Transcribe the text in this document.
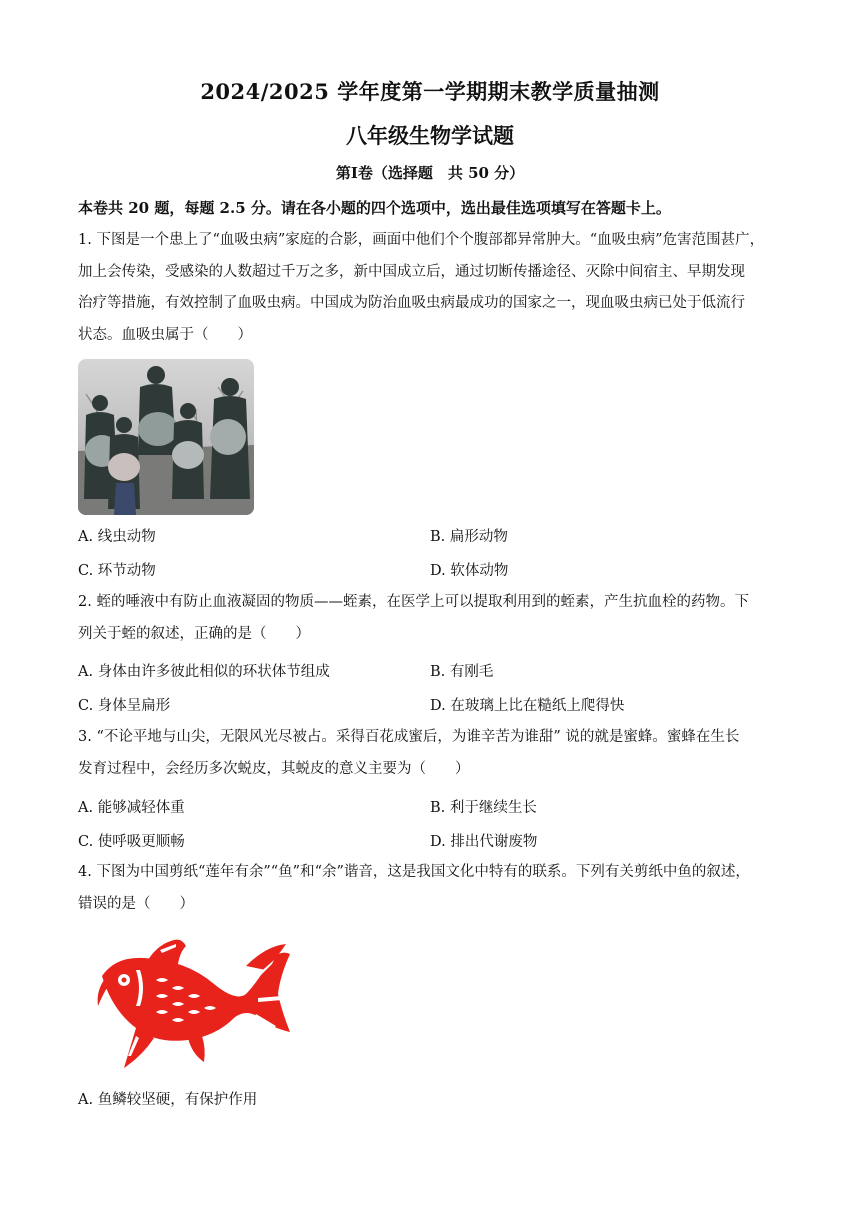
2024/2025 学年度第一学期期末教学质量抽测
八年级生物学试题
第Ⅰ卷（选择题　共 50 分）
本卷共 20 题，每题 2.5 分。请在各小题的四个选项中，选出最佳选项填写在答题卡上。
1. 下图是一个患上了“血吸虫病”家庭的合影，画面中他们个个腹部都异常肿大。“血吸虫病”危害范围甚广，
加上会传染，受感染的人数超过千万之多，新中国成立后，通过切断传播途径、灭除中间宿主、早期发现
治疗等措施，有效控制了血吸虫病。中国成为防治血吸虫病最成功的国家之一，现血吸虫病已处于低流行
状态。血吸虫属于（　　）
A. 线虫动物	B. 扁形动物
C. 环节动物	D. 软体动物
2. 蛭的唾液中有防止血液凝固的物质——蛭素，在医学上可以提取利用到的蛭素，产生抗血栓的药物。下
列关于蛭的叙述，正确的是（　　）
A. 身体由许多彼此相似的环状体节组成	B. 有刚毛
C. 身体呈扁形	D. 在玻璃上比在糙纸上爬得快
3. “不论平地与山尖，无限风光尽被占。采得百花成蜜后，为谁辛苦为谁甜” 说的就是蜜蜂。蜜蜂在生长
发育过程中，会经历多次蜕皮，其蜕皮的意义主要为（　　）
A. 能够减轻体重	B. 利于继续生长
C. 使呼吸更顺畅	D. 排出代谢废物
4. 下图为中国剪纸“莲年有余”“鱼”和“余”谐音，这是我国文化中特有的联系。下列有关剪纸中鱼的叙述，
错误的是（　　）
A. 鱼鳞较坚硬，有保护作用
